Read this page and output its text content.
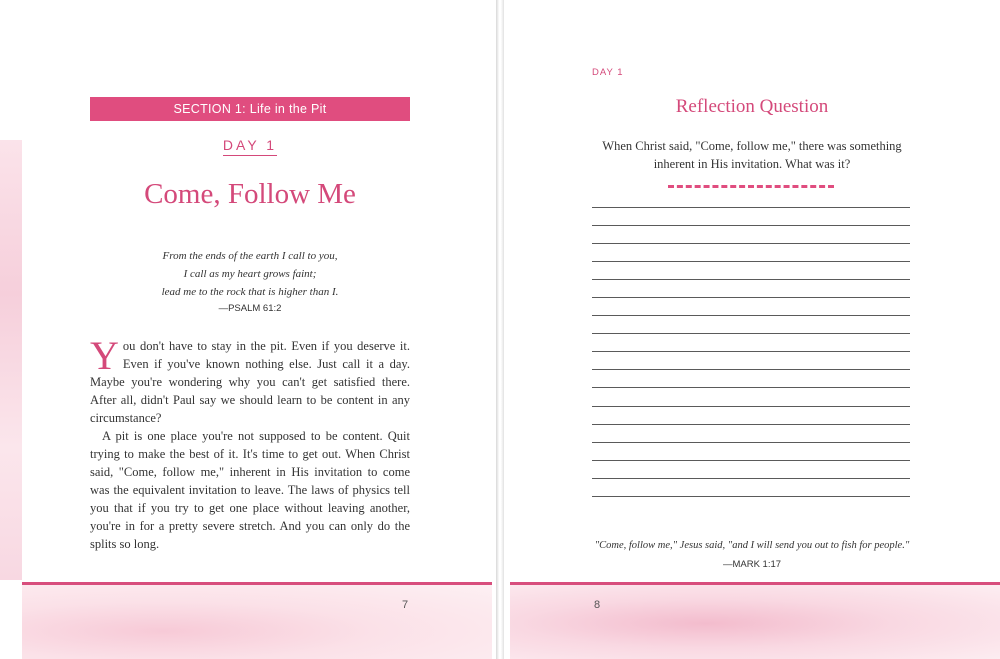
SECTION 1: Life in the Pit
DAY 1
Come, Follow Me
From the ends of the earth I call to you,
I call as my heart grows faint;
lead me to the rock that is higher than I.
—PSALM 61:2

You don't have to stay in the pit. Even if you deserve it. Even if you've known nothing else. Just call it a day. Maybe you're wondering why you can't get satisfied there. After all, didn't Paul say we should learn to be content in any circumstance?

A pit is one place you're not supposed to be content. Quit trying to make the best of it. It's time to get out. When Christ said, "Come, follow me," inherent in His invitation to come was the equivalent invitation to leave. The laws of physics tell you that if you try to get one place without leaving another, you're in for a pretty severe stretch. And you can only do the splits so long.

7
DAY 1
Reflection Question
When Christ said, "Come, follow me," there was something inherent in His invitation. What was it?
"Come, follow me," Jesus said, "and I will send you out to fish for people."
—MARK 1:17
8
